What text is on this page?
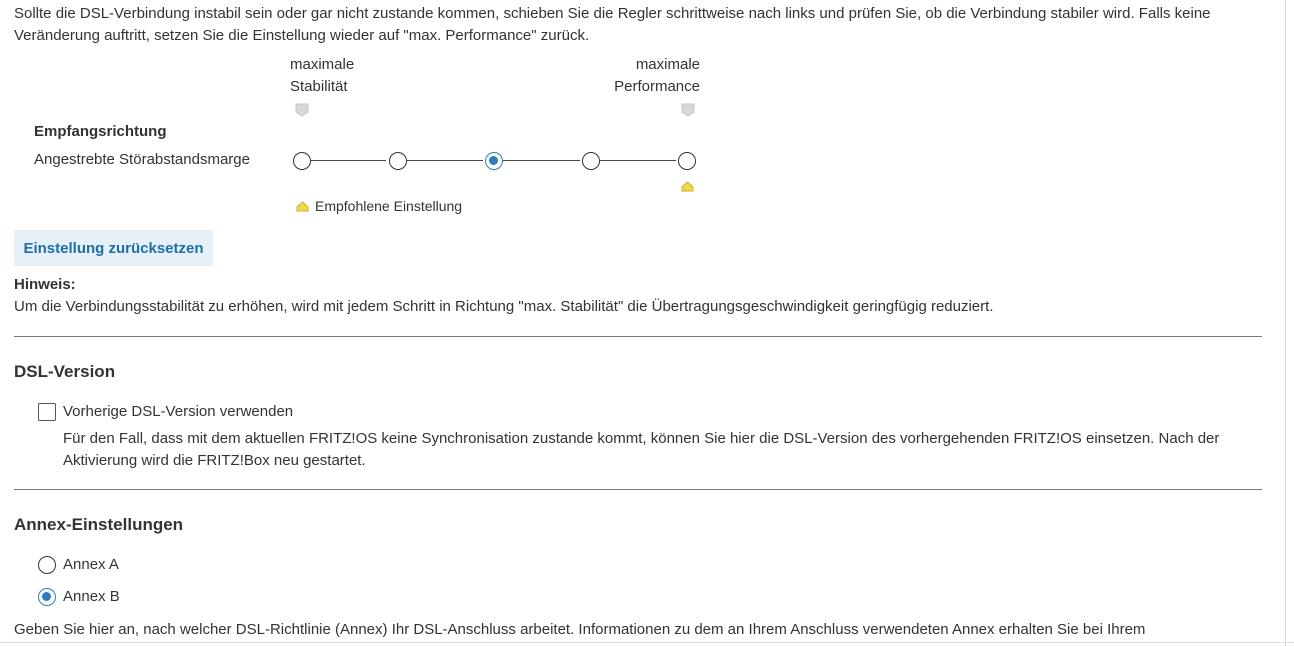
Sollte die DSL-Verbindung instabil sein oder gar nicht zustande kommen, schieben Sie die Regler schrittweise nach links und prüfen Sie, ob die Verbindung stabiler wird. Falls keine
Veränderung auftritt, setzen Sie die Einstellung wieder auf "max. Performance" zurück.
maximale
Stabilität
maximale
Performance
Empfangsrichtung
Angestrebte Störabstandsmarge
Empfohlene Einstellung
Einstellung zurücksetzen
Hinweis:
Um die Verbindungsstabilität zu erhöhen, wird mit jedem Schritt in Richtung "max. Stabilität" die Übertragungsgeschwindigkeit geringfügig reduziert.
DSL-Version
Vorherige DSL-Version verwenden
Für den Fall, dass mit dem aktuellen FRITZ!OS keine Synchronisation zustande kommt, können Sie hier die DSL-Version des vorhergehenden FRITZ!OS einsetzen. Nach der
Aktivierung wird die FRITZ!Box neu gestartet.
Annex-Einstellungen
Annex A
Annex B
Geben Sie hier an, nach welcher DSL-Richtlinie (Annex) Ihr DSL-Anschluss arbeitet. Informationen zu dem an Ihrem Anschluss verwendeten Annex erhalten Sie bei Ihrem
